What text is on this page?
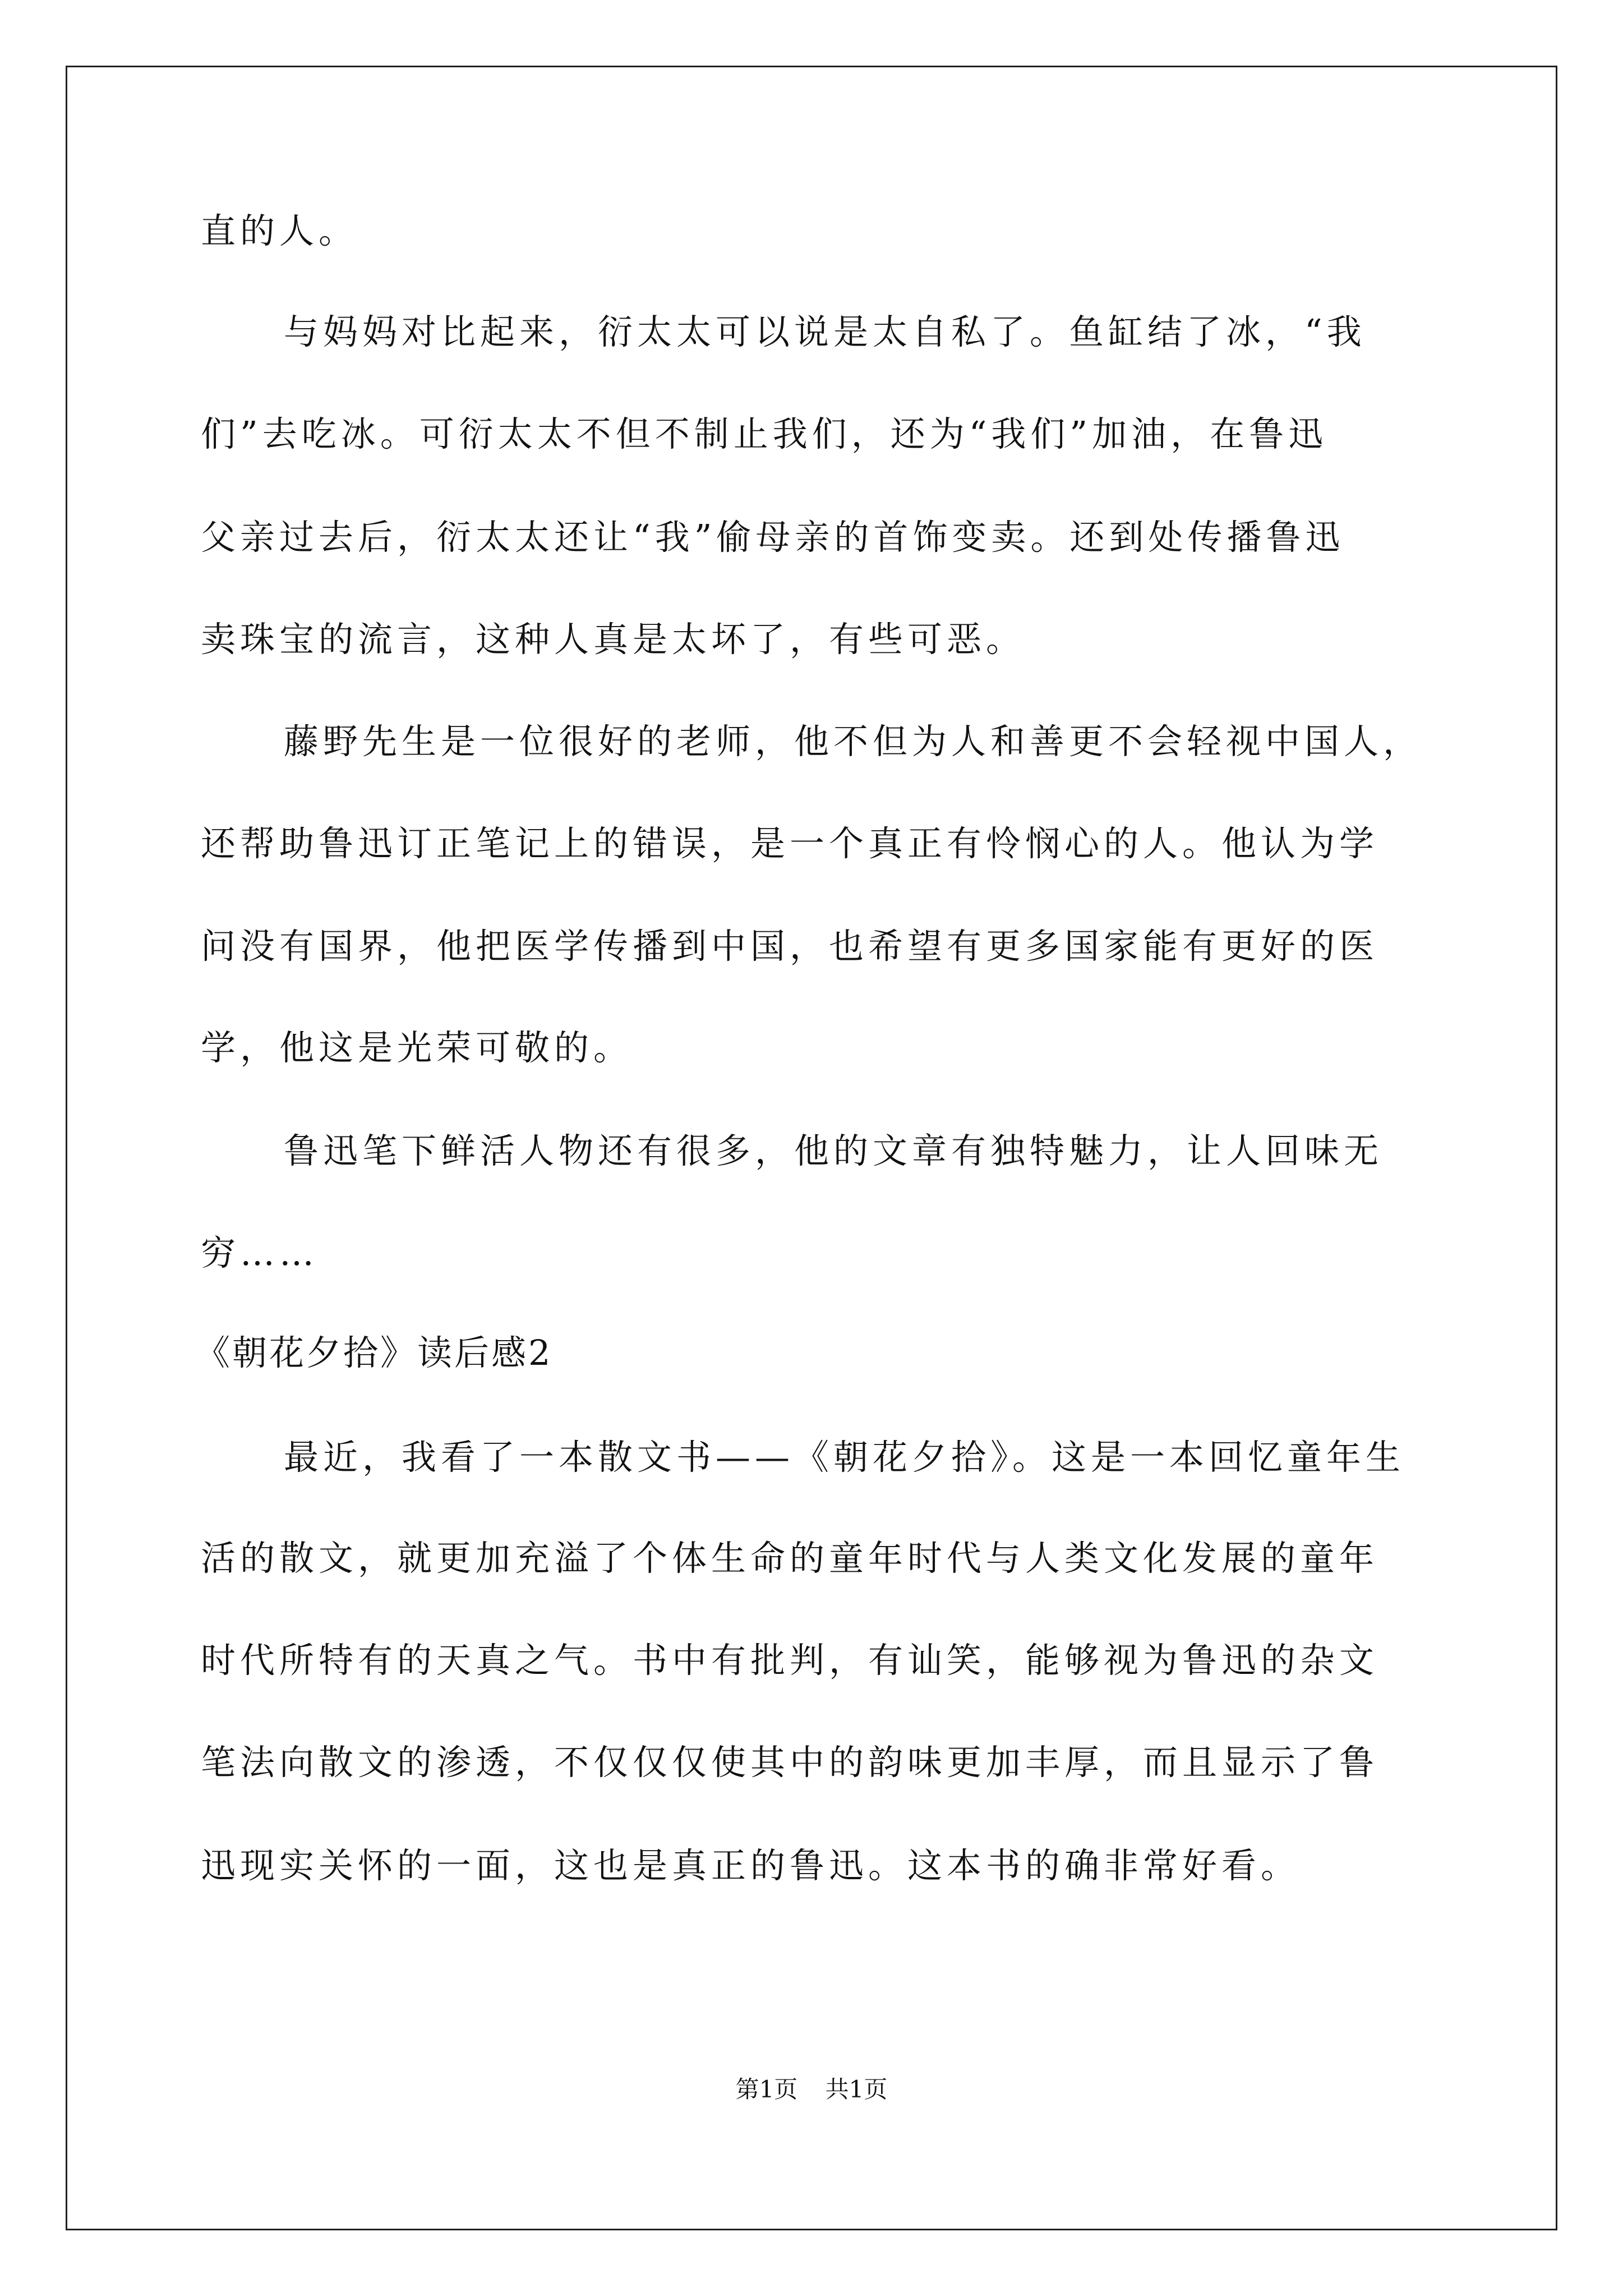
直的人。
与妈妈对比起来，衍太太可以说是太自私了。鱼缸结了冰，“我
们”去吃冰。可衍太太不但不制止我们，还为“我们”加油，在鲁迅
父亲过去后，衍太太还让“我”偷母亲的首饰变卖。还到处传播鲁迅
卖珠宝的流言，这种人真是太坏了，有些可恶。
藤野先生是一位很好的老师，他不但为人和善更不会轻视中国人，
还帮助鲁迅订正笔记上的错误，是一个真正有怜悯心的人。他认为学
问没有国界，他把医学传播到中国，也希望有更多国家能有更好的医
学，他这是光荣可敬的。
鲁迅笔下鲜活人物还有很多，他的文章有独特魅力，让人回味无
穷……
《朝花夕拾》读后感2
最近，我看了一本散文书——《朝花夕拾》。这是一本回忆童年生
活的散文，就更加充溢了个体生命的童年时代与人类文化发展的童年
时代所特有的天真之气。书中有批判，有讪笑，能够视为鲁迅的杂文
笔法向散文的渗透，不仅仅仅使其中的韵味更加丰厚，而且显示了鲁
迅现实关怀的一面，这也是真正的鲁迅。这本书的确非常好看。
第1页 共1页
